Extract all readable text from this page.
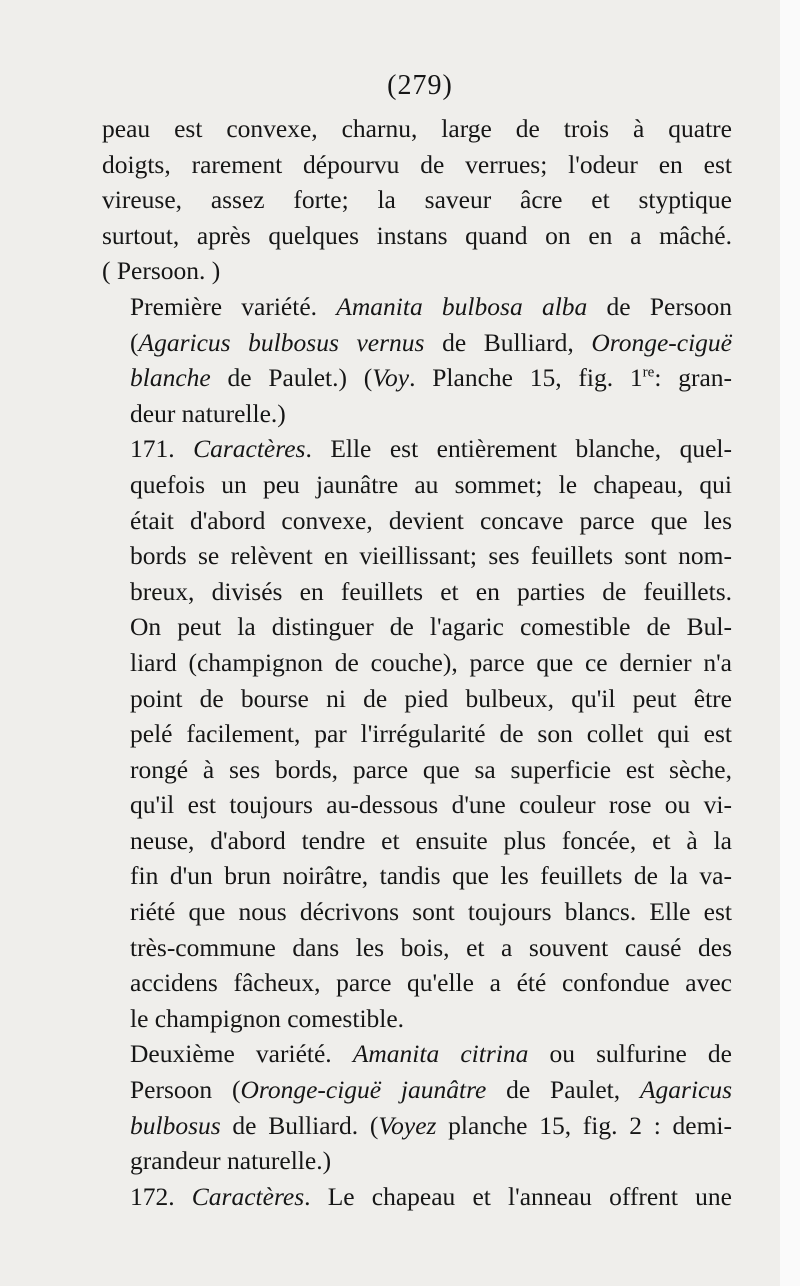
(279)
peau est convexe, charnu, large de trois à quatre
doigts, rarement dépourvu de verrues; l'odeur en est
vireuse, assez forte; la saveur âcre et styptique
surtout, après quelques instans quand on en a mâché.
( Persoon. )
Première variété. Amanita bulbosa alba de Persoon
(Agaricus bulbosus vernus de Bulliard, Oronge-ciguë
blanche de Paulet.) (Voy. Planche 15, fig. 1re: gran-
deur naturelle.)
171. Caractères. Elle est entièrement blanche, quel-
quefois un peu jaunâtre au sommet; le chapeau, qui
était d'abord convexe, devient concave parce que les
bords se relèvent en vieillissant; ses feuillets sont nom-
breux, divisés en feuillets et en parties de feuillets.
On peut la distinguer de l'agaric comestible de Bul-
liard (champignon de couche), parce que ce dernier n'a
point de bourse ni de pied bulbeux, qu'il peut être
pelé facilement, par l'irrégularité de son collet qui est
rongé à ses bords, parce que sa superficie est sèche,
qu'il est toujours au-dessous d'une couleur rose ou vi-
neuse, d'abord tendre et ensuite plus foncée, et à la
fin d'un brun noirâtre, tandis que les feuillets de la va-
riété que nous décrivons sont toujours blancs. Elle est
très-commune dans les bois, et a souvent causé des
accidens fâcheux, parce qu'elle a été confondue avec
le champignon comestible.
Deuxième variété. Amanita citrina ou sulfurine de
Persoon (Oronge-ciguë jaunâtre de Paulet, Agaricus
bulbosus de Bulliard. (Voyez planche 15, fig. 2 : demi-
grandeur naturelle.)
172. Caractères. Le chapeau et l'anneau offrent une
